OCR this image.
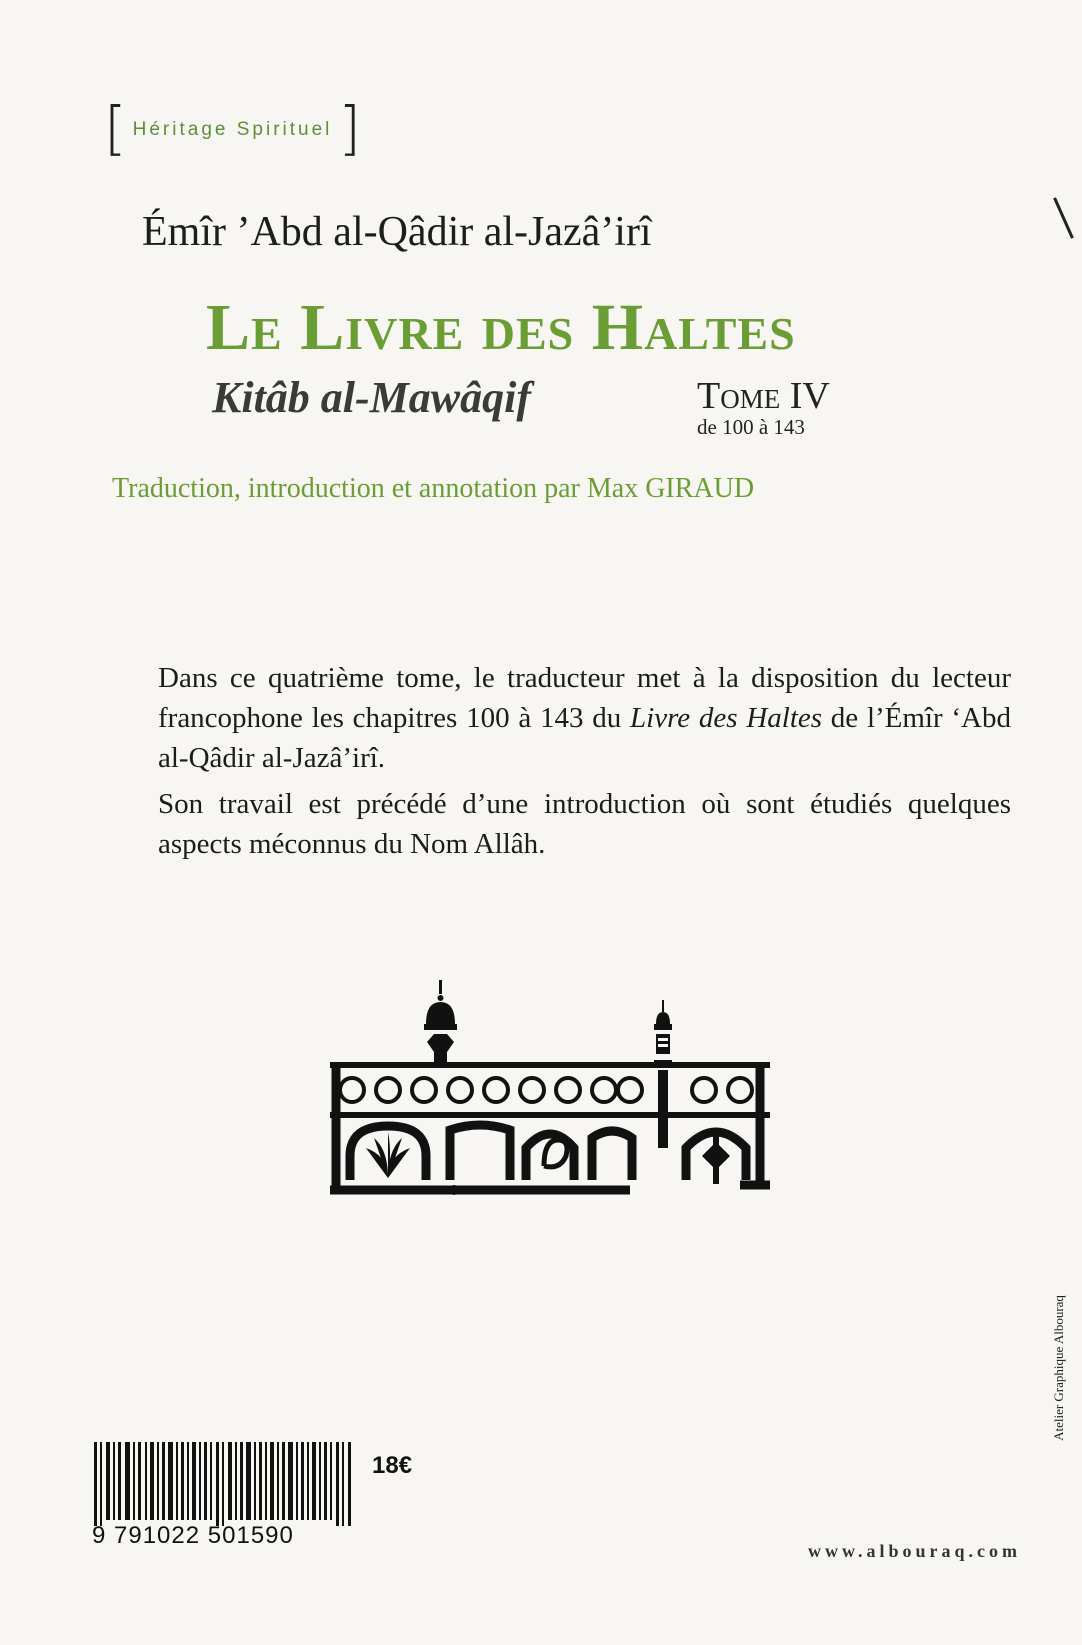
[ Héritage Spirituel ]
Émîr ’Abd al-Qâdir al-Jazâ’irî
Le Livre des Haltes
Kitâb al-Mawâqif	Tome IV
de 100 à 143
Traduction, introduction et annotation par Max GIRAUD

Dans ce quatrième tome, le traducteur met à la disposition du lecteur francophone les chapitres 100 à 143 du Livre des Haltes de l’Émîr ‘Abd al-Qâdir al-Jazâ’irî.

Son travail est précédé d’une introduction où sont étudiés quelques aspects méconnus du Nom Allâh.

9 791022 501590
18€
www.albouraq.com
Atelier Graphique Albouraq
